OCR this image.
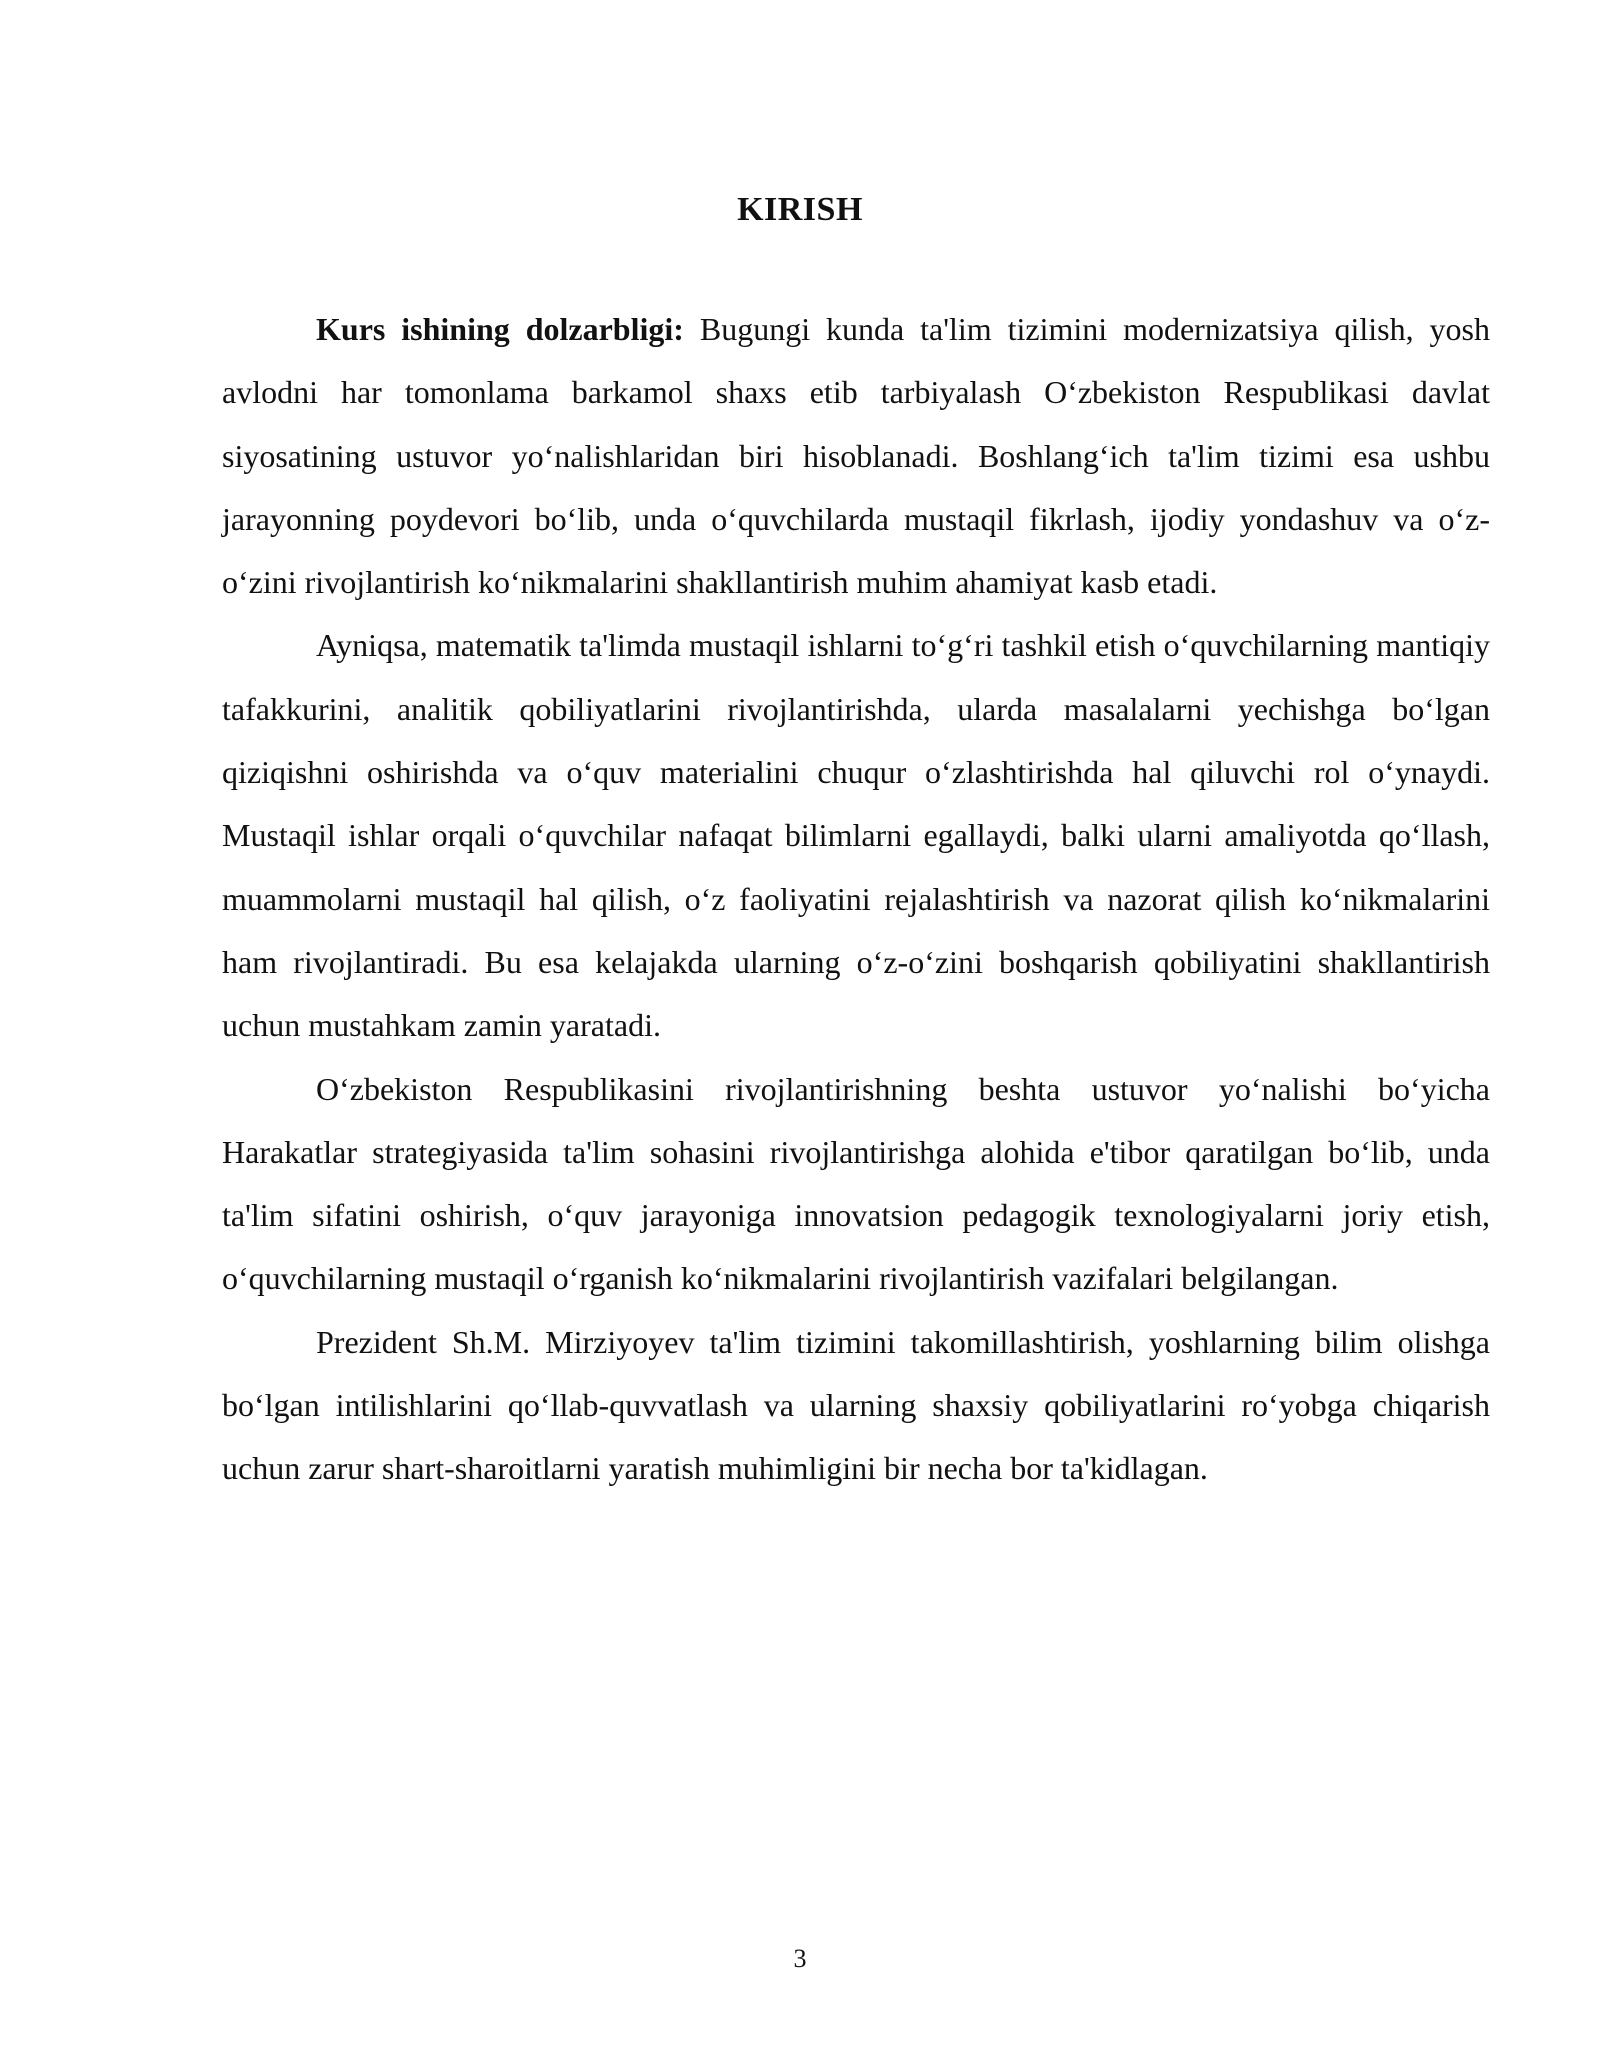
KIRISH

Kurs ishining dolzarbligi: Bugungi kunda ta'lim tizimini modernizatsiya qilish, yosh avlodni har tomonlama barkamol shaxs etib tarbiyalash O‘zbekiston Respublikasi davlat siyosatining ustuvor yo‘nalishlaridan biri hisoblanadi. Boshlang‘ich ta'lim tizimi esa ushbu jarayonning poydevori bo‘lib, unda o‘quvchilarda mustaqil fikrlash, ijodiy yondashuv va o‘z-o‘zini rivojlantirish ko‘nikmalarini shakllantirish muhim ahamiyat kasb etadi.

Ayniqsa, matematik ta'limda mustaqil ishlarni to‘g‘ri tashkil etish o‘quvchilarning mantiqiy tafakkurini, analitik qobiliyatlarini rivojlantirishda, ularda masalalarni yechishga bo‘lgan qiziqishni oshirishda va o‘quv materialini chuqur o‘zlashtirishda hal qiluvchi rol o‘ynaydi. Mustaqil ishlar orqali o‘quvchilar nafaqat bilimlarni egallaydi, balki ularni amaliyotda qo‘llash, muammolarni mustaqil hal qilish, o‘z faoliyatini rejalashtirish va nazorat qilish ko‘nikmalarini ham rivojlantiradi. Bu esa kelajakda ularning o‘z-o‘zini boshqarish qobiliyatini shakllantirish uchun mustahkam zamin yaratadi.

O‘zbekiston Respublikasini rivojlantirishning beshta ustuvor yo‘nalishi bo‘yicha Harakatlar strategiyasida ta'lim sohasini rivojlantirishga alohida e'tibor qaratilgan bo‘lib, unda ta'lim sifatini oshirish, o‘quv jarayoniga innovatsion pedagogik texnologiyalarni joriy etish, o‘quvchilarning mustaqil o‘rganish ko‘nikmalarini rivojlantirish vazifalari belgilangan.

Prezident Sh.M. Mirziyoyev ta'lim tizimini takomillashtirish, yoshlarning bilim olishga bo‘lgan intilishlarini qo‘llab-quvvatlash va ularning shaxsiy qobiliyatlarini ro‘yobga chiqarish uchun zarur shart-sharoitlarni yaratish muhimligini bir necha bor ta'kidlagan.

3
